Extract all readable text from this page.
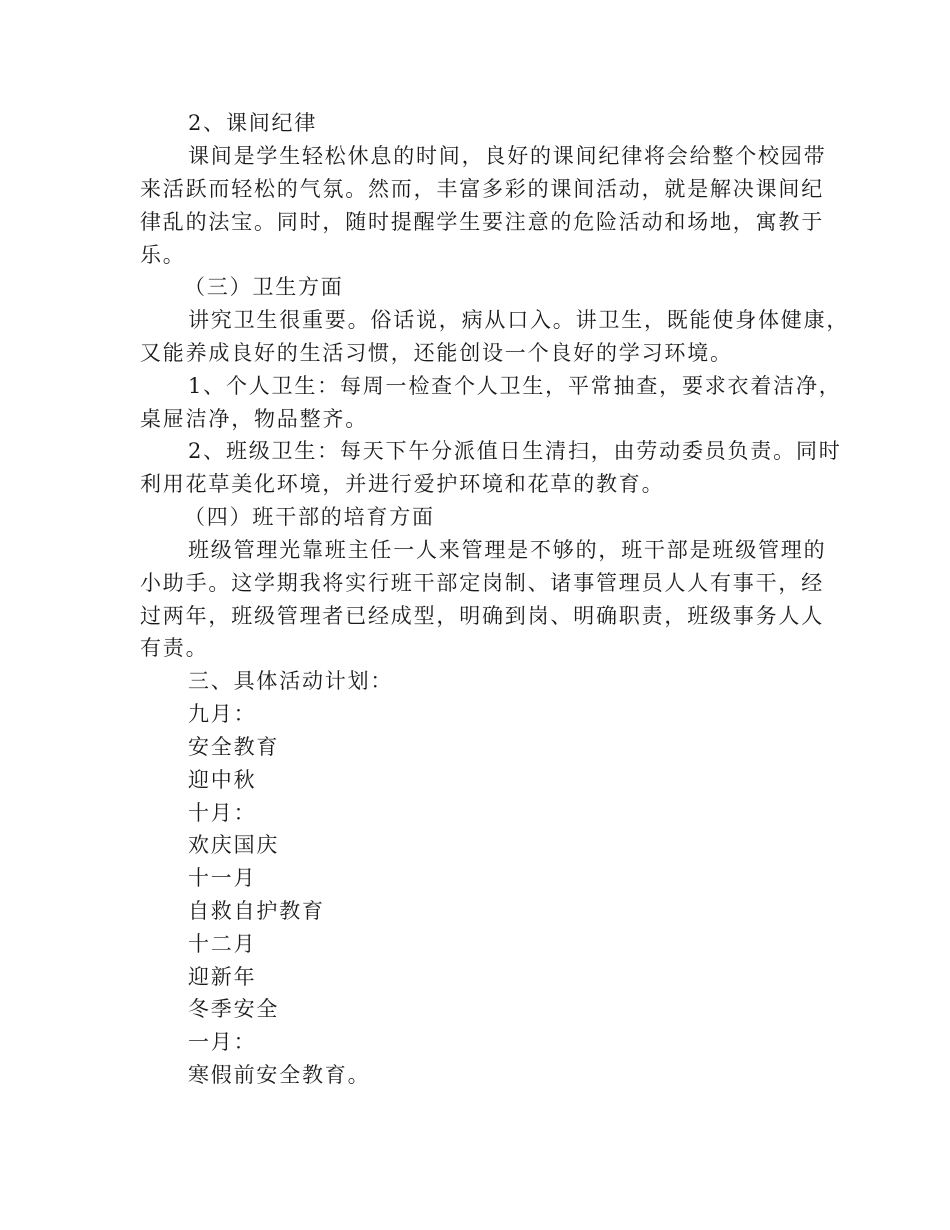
2、课间纪律
课间是学生轻松休息的时间，良好的课间纪律将会给整个校园带
来活跃而轻松的气氛。然而，丰富多彩的课间活动，就是解决课间纪
律乱的法宝。同时，随时提醒学生要注意的危险活动和场地，寓教于
乐。
（三）卫生方面
讲究卫生很重要。俗话说，病从口入。讲卫生，既能使身体健康，
又能养成良好的生活习惯，还能创设一个良好的学习环境。
1、个人卫生：每周一检查个人卫生，平常抽查，要求衣着洁净，
桌屉洁净，物品整齐。
2、班级卫生：每天下午分派值日生清扫，由劳动委员负责。同时
利用花草美化环境，并进行爱护环境和花草的教育。
（四）班干部的培育方面
班级管理光靠班主任一人来管理是不够的，班干部是班级管理的
小助手。这学期我将实行班干部定岗制、诸事管理员人人有事干，经
过两年，班级管理者已经成型，明确到岗、明确职责，班级事务人人
有责。
三、具体活动计划：
九月：
安全教育
迎中秋
十月：
欢庆国庆
十一月
自救自护教育
十二月
迎新年
冬季安全
一月：
寒假前安全教育。
